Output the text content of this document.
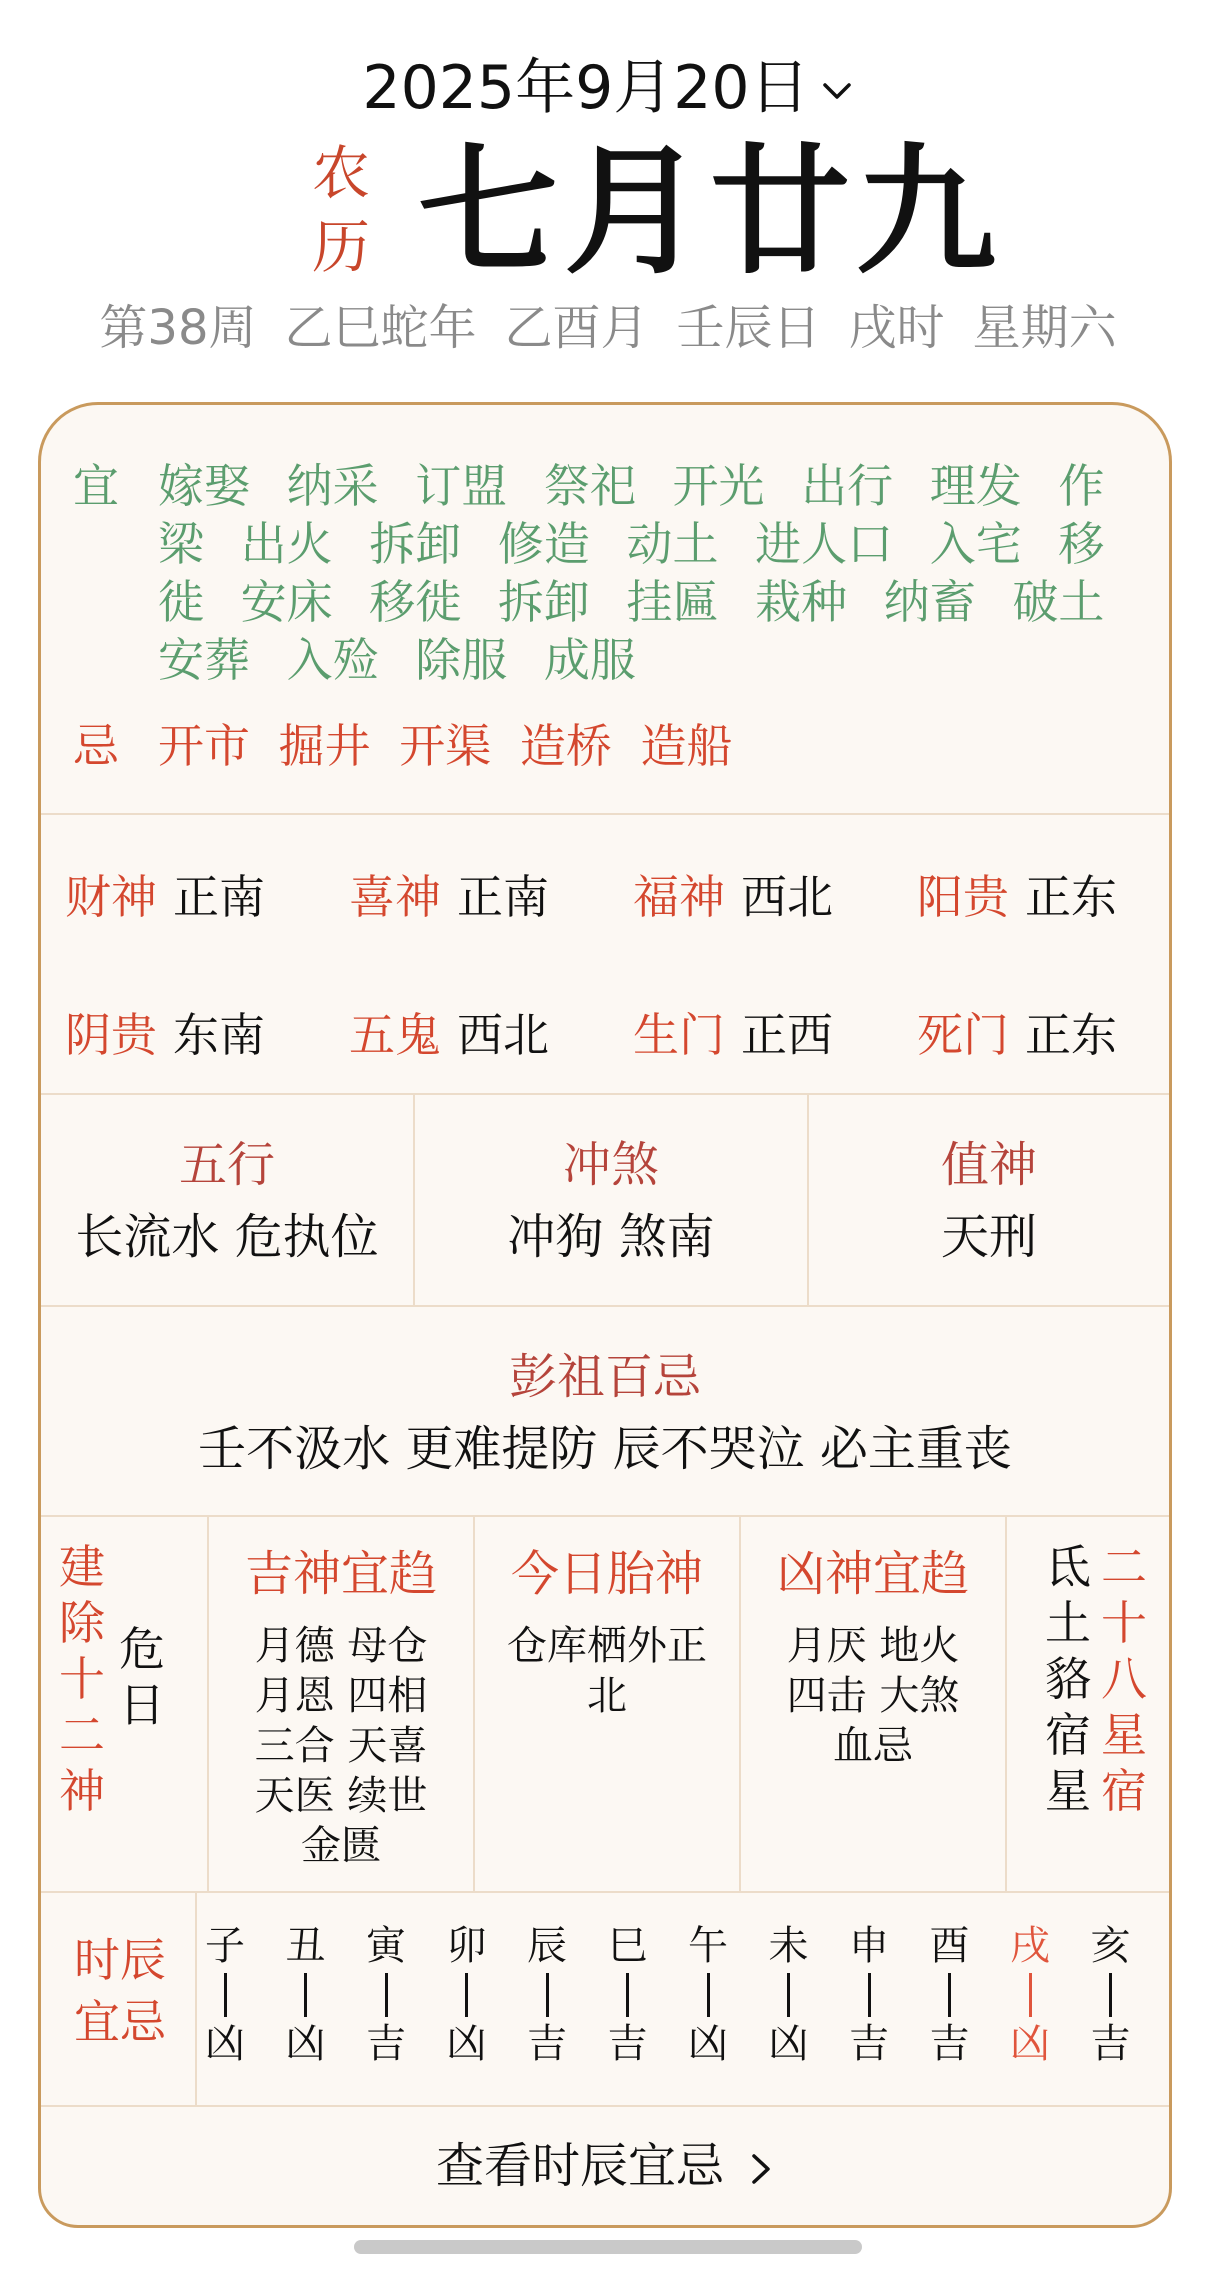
2025年9月20日
农
历 七月廿九
第38周 乙巳蛇年 乙酉月 壬辰日 戌时 星期六
宜 嫁娶 纳采 订盟 祭祀 开光 出行 理发 作梁 出火 拆卸 修造 动土 进人口 入宅 移徙 安床 移徙 拆卸 挂匾 栽种 纳畜 破土 安葬 入殓 除服 成服
忌 开市 掘井 开渠 造桥 造船
财神 正南 喜神 正南 福神 西北 阳贵 正东
阴贵 东南 五鬼 西北 生门 正西 死门 正东
五行
长流水 危执位
冲煞
冲狗 煞南
值神
天刑
彭祖百忌
壬不汲水 更难提防 辰不哭泣 必主重丧
建
除
十
二
神
危
日
吉神宜趋
月德 母仓
月恩 四相
三合 天喜
天医 续世
金匮
今日胎神
仓库栖外正
北
凶神宜趋
月厌 地火
四击 大煞
血忌
氐
土
貉
宿
星
二
十
八
星
宿
时辰
宜忌
子
凶
丑
凶
寅
吉
卯
凶
辰
吉
巳
吉
午
凶
未
凶
申
吉
酉
吉
戌
凶
亥
吉
查看时辰宜忌
